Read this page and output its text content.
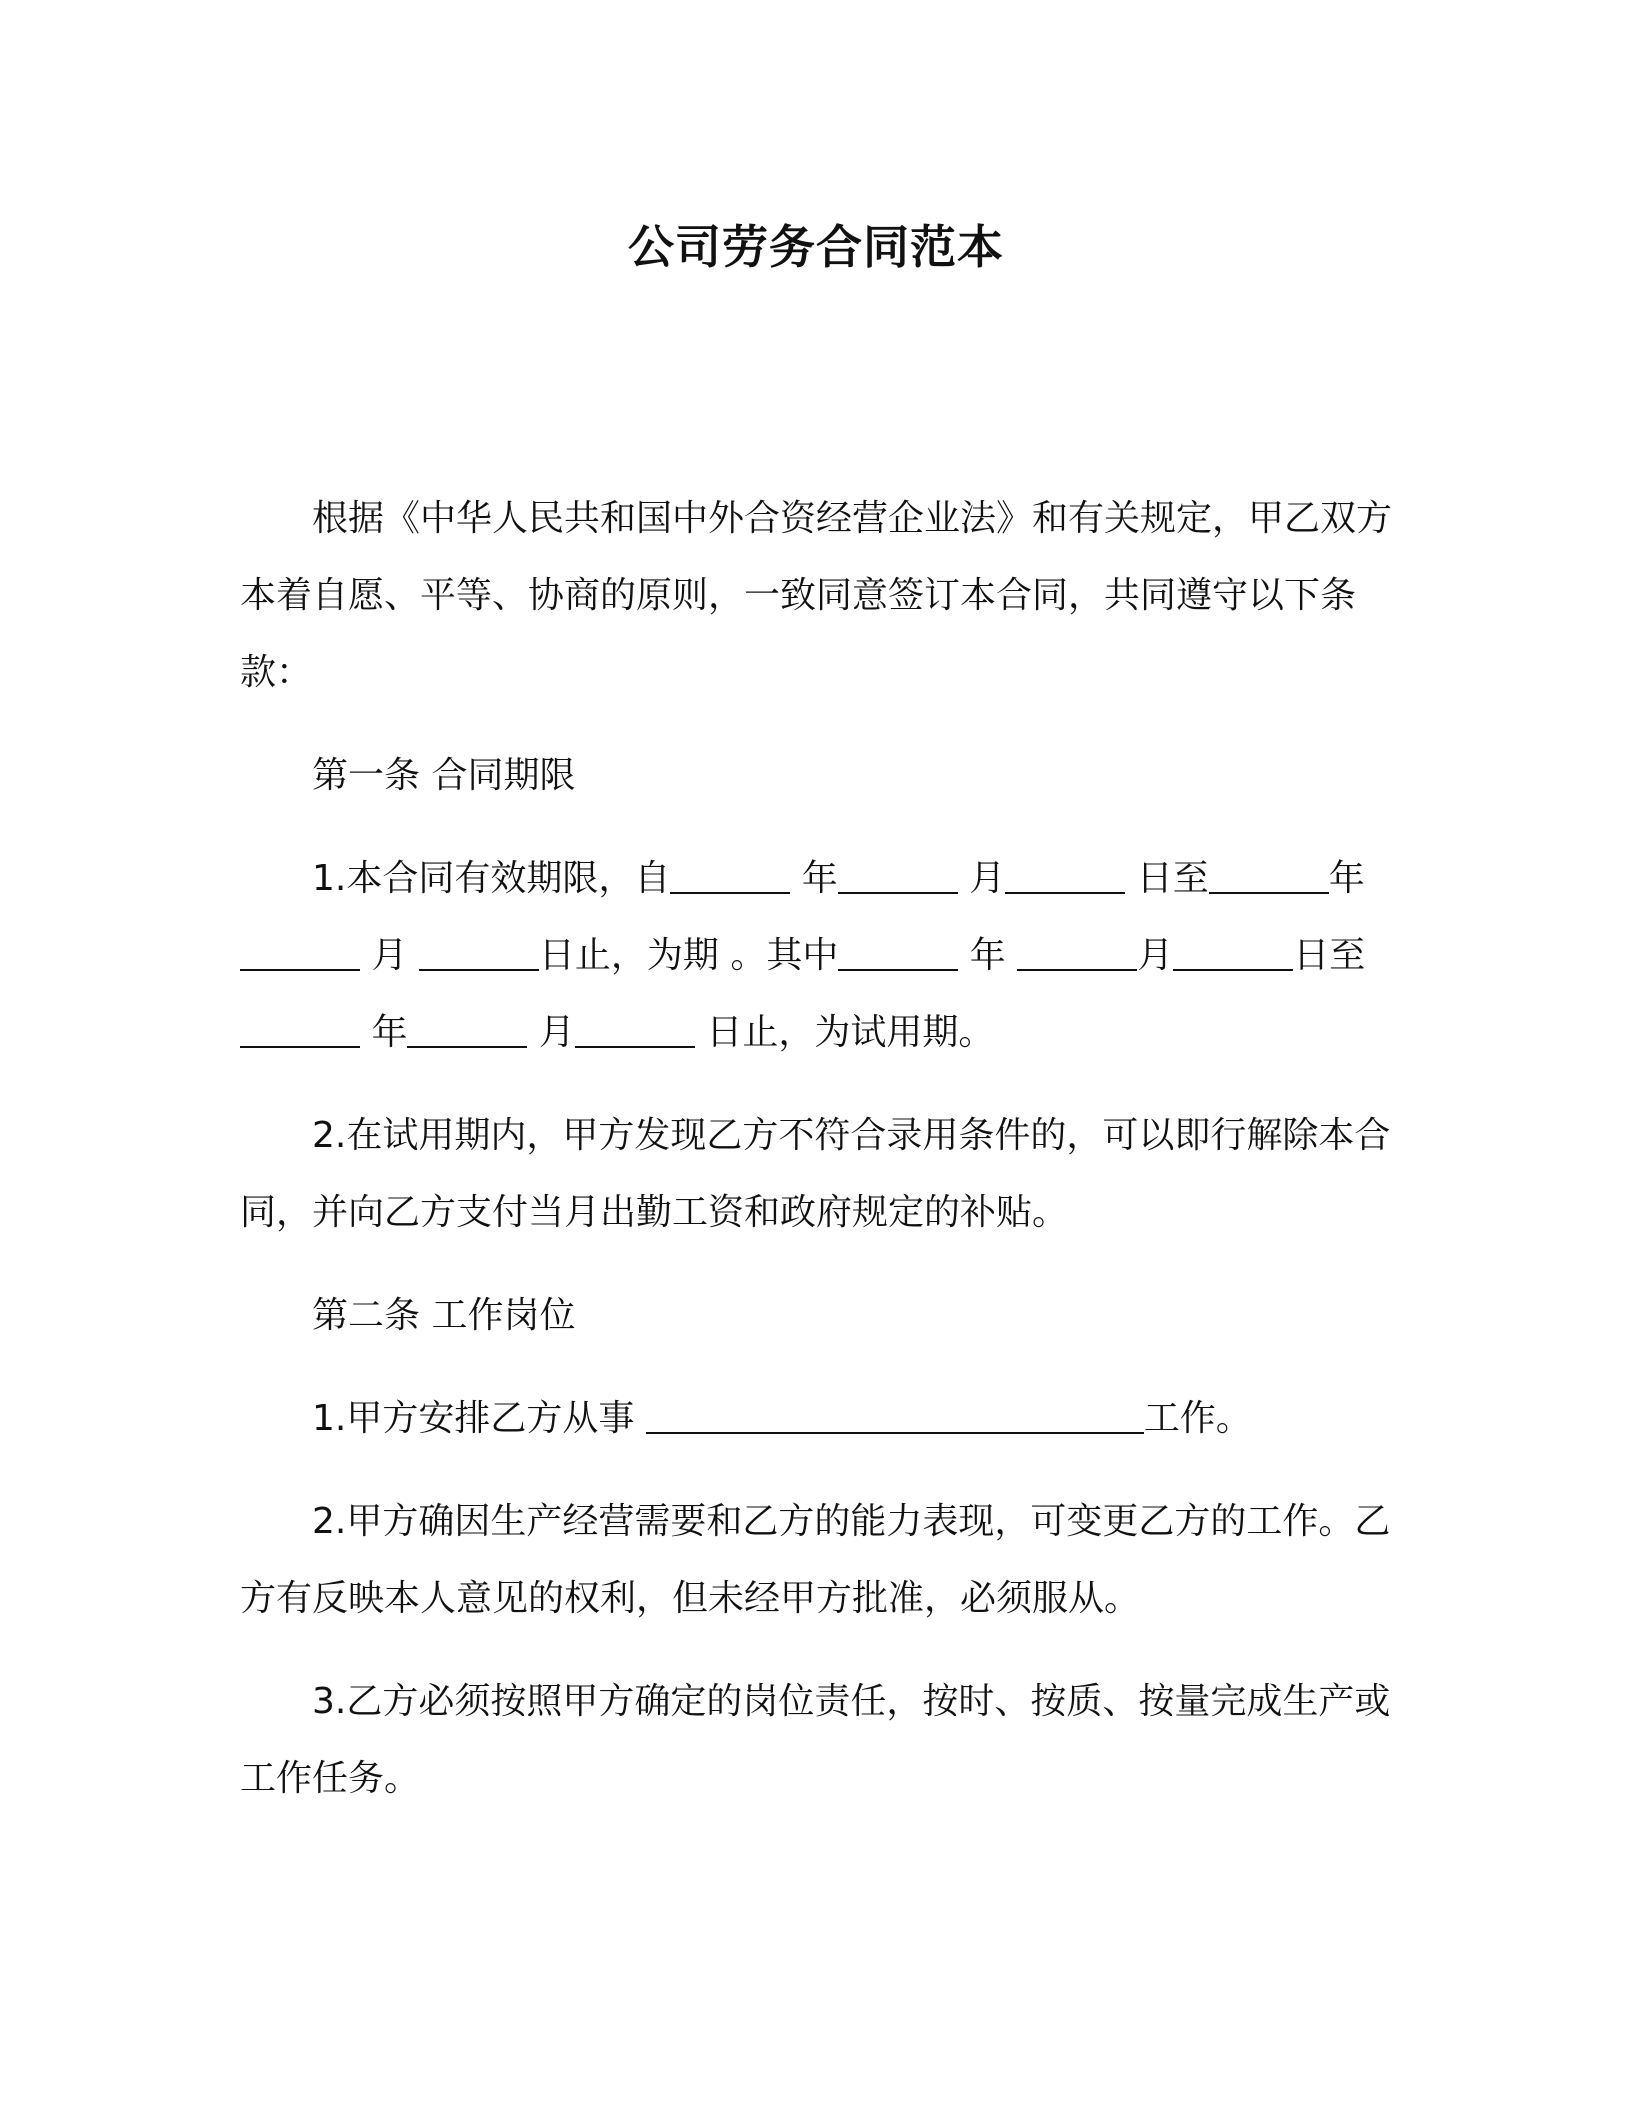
公司劳务合同范本

根据《中华人民共和国中外合资经营企业法》和有关规定，甲乙双方本着自愿、平等、协商的原则，一致同意签订本合同，共同遵守以下条款：

第一条 合同期限

1.本合同有效期限，自	年	月	日至	年 月	日止，为期 。其中	年	月	日至 年	月	日止，为试用期。

2.在试用期内，甲方发现乙方不符合录用条件的，可以即行解除本合同，并向乙方支付当月出勤工资和政府规定的补贴。

第二条 工作岗位

1.甲方安排乙方从事	工作。

2.甲方确因生产经营需要和乙方的能力表现，可变更乙方的工作。乙方有反映本人意见的权利，但未经甲方批准，必须服从。

3.乙方必须按照甲方确定的岗位责任，按时、按质、按量完成生产或工作任务。
